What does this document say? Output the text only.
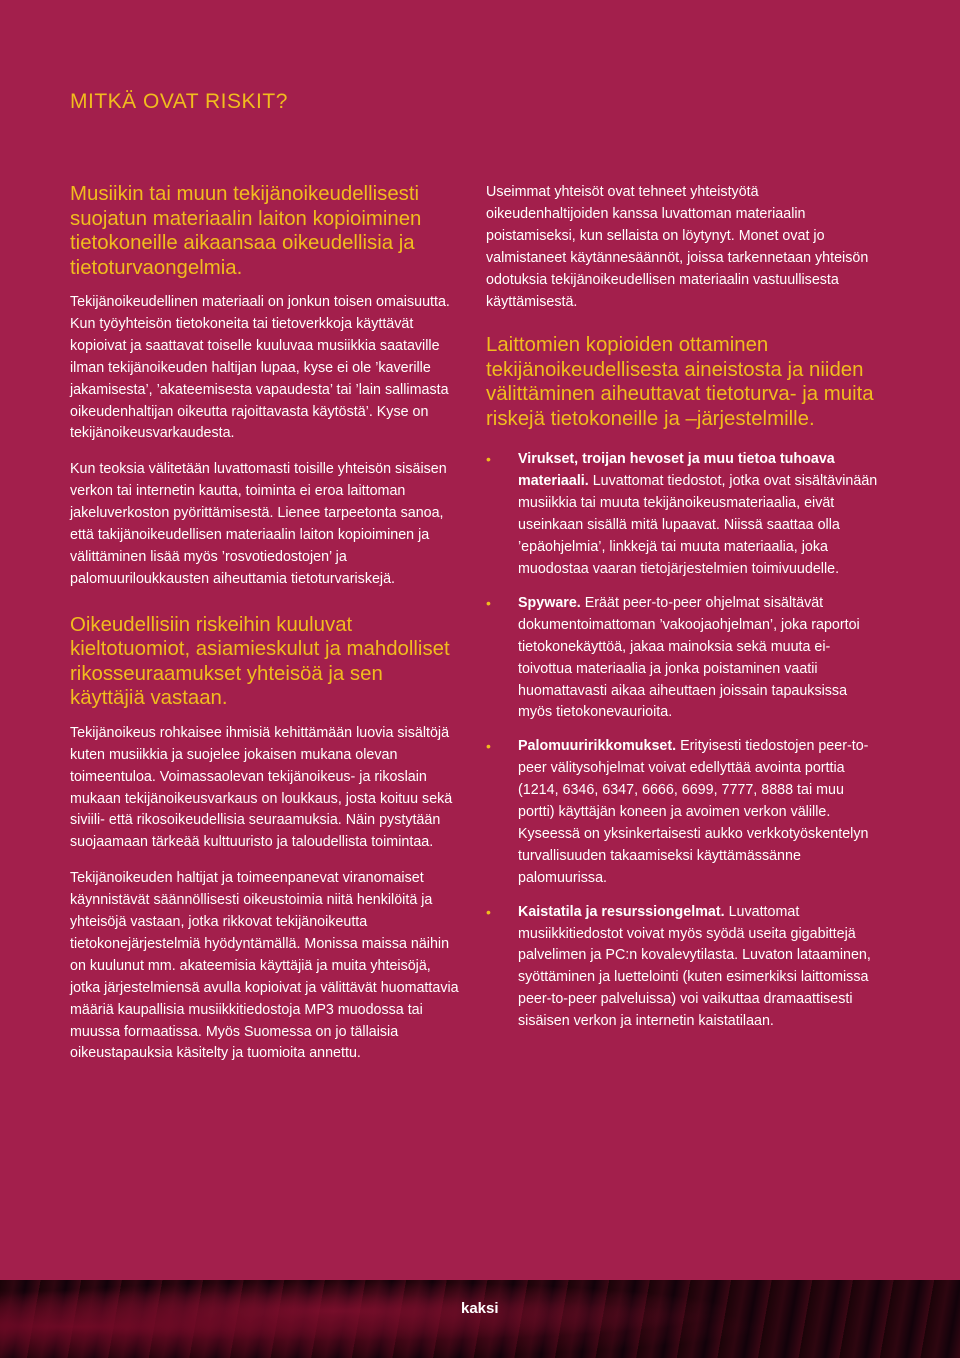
MITKÄ OVAT RISKIT?
Musiikin tai muun tekijänoikeudellisesti suojatun materiaalin laiton kopioiminen tietokoneille aikaansaa oikeudellisia ja tietoturvaongelmia.

Tekijänoikeudellinen materiaali on jonkun toisen omaisuutta. Kun työyhteisön tietokoneita tai tietoverkkoja käyttävät kopioivat ja saattavat toiselle kuuluvaa musiikkia saataville ilman tekijänoikeuden haltijan lupaa, kyse ei ole ’kaverille jakamisesta’, ’akateemisesta vapaudesta’ tai ’lain sallimasta oikeudenhaltijan oikeutta rajoittavasta käytöstä’. Kyse on tekijänoikeusvarkaudesta.

Kun teoksia välitetään luvattomasti toisille yhteisön sisäisen verkon tai internetin kautta, toiminta ei eroa laittoman jakeluverkoston pyörittämisestä. Lienee tarpeetonta sanoa, että takijänoikeudellisen materiaalin laiton kopioiminen ja välittäminen lisää myös ’rosvotiedostojen’ ja palomuuriloukkausten aiheuttamia tietoturvariskejä.

Oikeudellisiin riskeihin kuuluvat kieltotuomiot, asiamieskulut ja mahdolliset rikosseuraamukset yhteisöä ja sen käyttäjiä vastaan.

Tekijänoikeus rohkaisee ihmisiä kehittämään luovia sisältöjä kuten musiikkia ja suojelee jokaisen mukana olevan toimeentuloa. Voimassaolevan tekijänoikeus- ja rikoslain mukaan tekijänoikeusvarkaus on loukkaus, josta koituu sekä siviili- että rikosoikeudellisia seuraamuksia. Näin pystytään suojaamaan tärkeää kulttuuristo ja taloudellista toimintaa.

Tekijänoikeuden haltijat ja toimeenpanevat viranomaiset käynnistävät säännöllisesti oikeustoimia niitä henkilöitä ja yhteisöjä vastaan, jotka rikkovat tekijänoikeutta tietokonejärjestelmiä hyödyntämällä. Monissa maissa näihin on kuulunut mm. akateemisia käyttäjiä ja muita yhteisöjä, jotka järjestelmiensä avulla kopioivat ja välittävät huomattavia määriä kaupallisia musiikkitiedostoja MP3 muodossa tai muussa formaatissa. Myös Suomessa on jo tällaisia oikeustapauksia käsitelty ja tuomioita annettu.

Useimmat yhteisöt ovat tehneet yhteistyötä oikeudenhaltijoiden kanssa luvattoman materiaalin poistamiseksi, kun sellaista on löytynyt. Monet ovat jo valmistaneet käytännesäännöt, joissa tarkennetaan yhteisön odotuksia tekijänoikeudellisen materiaalin vastuullisesta käyttämisestä.

Laittomien kopioiden ottaminen tekijänoikeudellisesta aineistosta ja niiden välittäminen aiheuttavat tietoturva- ja muita riskejä tietokoneille ja –järjestelmille.
• Virukset, troijan hevoset ja muu tietoa tuhoava materiaali. Luvattomat tiedostot, jotka ovat sisältävinään musiikkia tai muuta tekijänoikeusmateriaalia, eivät useinkaan sisällä mitä lupaavat. Niissä saattaa olla ’epäohjelmia’, linkkejä tai muuta materiaalia, joka muodostaa vaaran tietojärjestelmien toimivuudelle.
• Spyware. Eräät peer-to-peer ohjelmat sisältävät dokumentoimattoman ’vakoojaohjelman’, joka raportoi tietokonekäyttöä, jakaa mainoksia sekä muuta ei-toivottua materiaalia ja jonka poistaminen vaatii huomattavasti aikaa aiheuttaen joissain tapauksissa myös tietokonevaurioita.
• Palomuuririkkomukset. Erityisesti tiedostojen peer-to-peer välitysohjelmat voivat edellyttää avointa porttia (1214, 6346, 6347, 6666, 6699, 7777, 8888 tai muu portti) käyttäjän koneen ja avoimen verkon välille. Kyseessä on yksinkertaisesti aukko verkkotyöskentelyn turvallisuuden takaamiseksi käyttämässänne palomuurissa.
• Kaistatila ja resurssiongelmat. Luvattomat musiikkitiedostot voivat myös syödä useita gigabittejä palvelimen ja PC:n kovalevytilasta. Luvaton lataaminen, syöttäminen ja luettelointi (kuten esimerkiksi laittomissa peer-to-peer palveluissa) voi vaikuttaa dramaattisesti sisäisen verkon ja internetin kaistatilaan.
kaksi
